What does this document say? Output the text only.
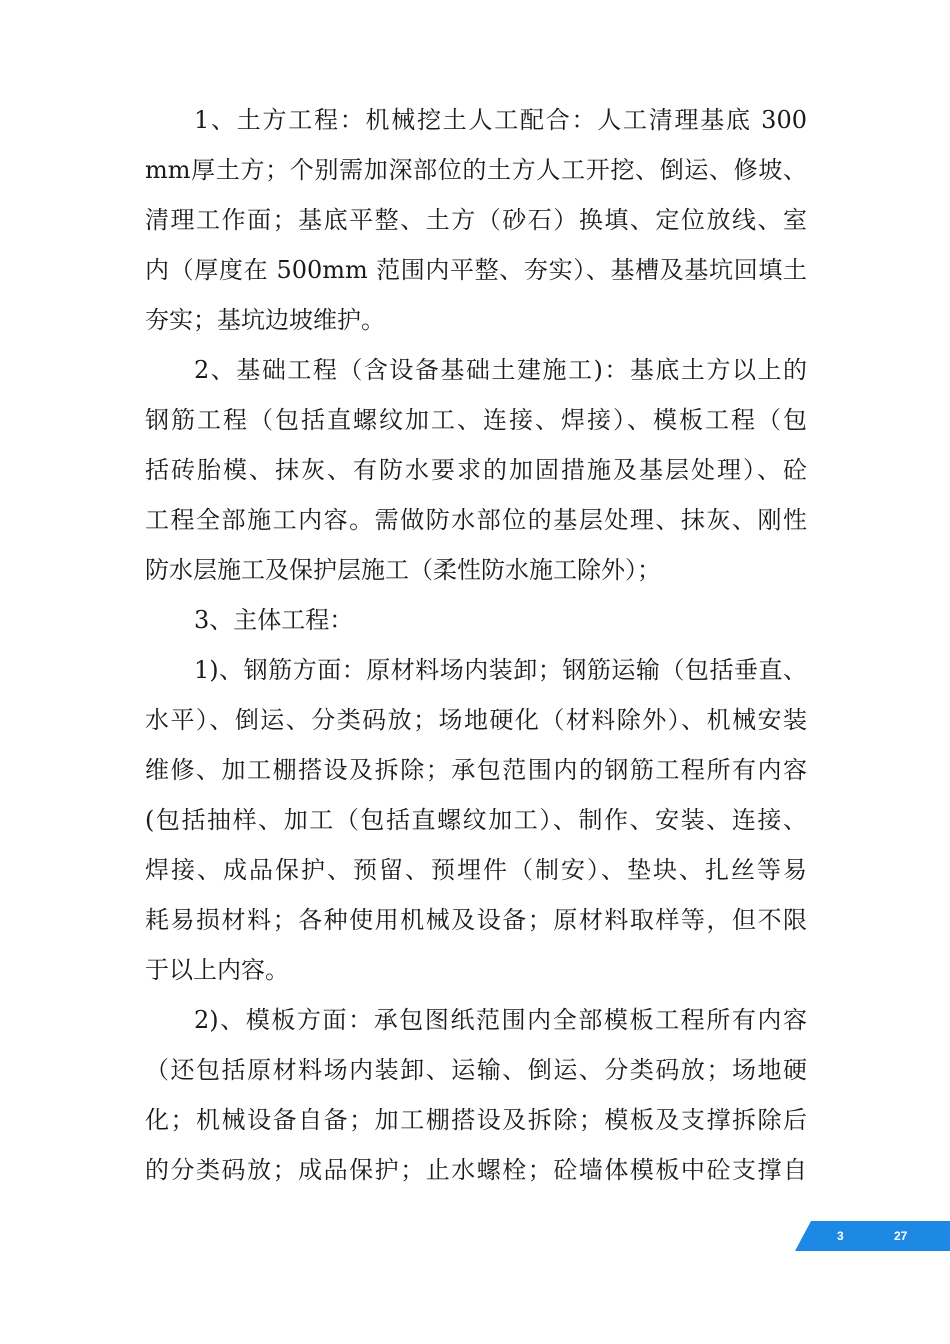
1、土方工程：机械挖土人工配合：人工清理基底 300
mm厚土方；个别需加深部位的土方人工开挖、倒运、修坡、
清理工作面；基底平整、土方（砂石）换填、定位放线、室
内（厚度在 500mm 范围内平整、夯实）、基槽及基坑回填土
夯实；基坑边坡维护。
2、基础工程（含设备基础土建施工)：基底土方以上的
钢筋工程（包括直螺纹加工、连接、焊接）、模板工程（包
括砖胎模、抹灰、有防水要求的加固措施及基层处理）、砼
工程全部施工内容。需做防水部位的基层处理、抹灰、刚性
防水层施工及保护层施工（柔性防水施工除外）；
3、主体工程：
1)、钢筋方面：原材料场内装卸；钢筋运输（包括垂直、
水平）、倒运、分类码放；场地硬化（材料除外）、机械安装
维修、加工棚搭设及拆除；承包范围内的钢筋工程所有内容
(包括抽样、加工（包括直螺纹加工）、制作、安装、连接、
焊接、成品保护、预留、预埋件（制安）、垫块、扎丝等易
耗易损材料；各种使用机械及设备；原材料取样等，但不限
于以上内容。
2)、模板方面：承包图纸范围内全部模板工程所有内容
（还包括原材料场内装卸、运输、倒运、分类码放；场地硬
化；机械设备自备；加工棚搭设及拆除；模板及支撑拆除后
的分类码放；成品保护；止水螺栓；砼墙体模板中砼支撑自
3	27
